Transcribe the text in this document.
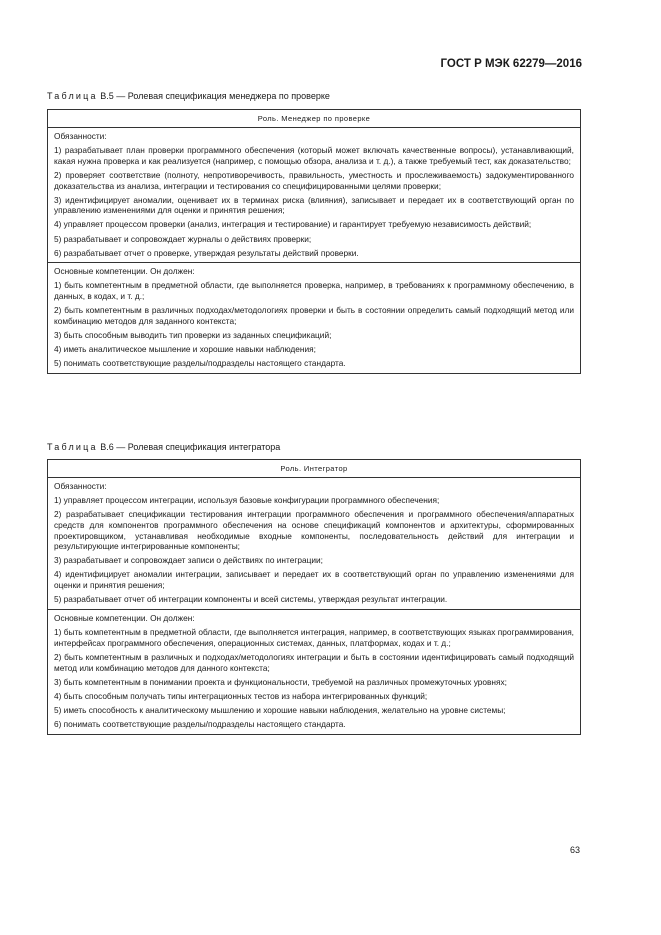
ГОСТ Р МЭК 62279—2016
Таблица В.5 — Ролевая спецификация менеджера по проверке
Роль. Менеджер по проверке
Обязанности:
1) разрабатывает план проверки программного обеспечения (который может включать качественные вопросы), устанавливающий, какая нужна проверка и как реализуется (например, с помощью обзора, анализа и т. д.), а также требуемый тест, как доказательство;
2) проверяет соответствие (полноту, непротиворечивость, правильность, уместность и прослеживаемость) задокументированного доказательства из анализа, интеграции и тестирования со специфицированными целями проверки;
3) идентифицирует аномалии, оценивает их в терминах риска (влияния), записывает и передает их в соответствующий орган по управлению изменениями для оценки и принятия решения;
4) управляет процессом проверки (анализ, интеграция и тестирование) и гарантирует требуемую независимость действий;
5) разрабатывает и сопровождает журналы о действиях проверки;
6) разрабатывает отчет о проверке, утверждая результаты действий проверки.
Основные компетенции. Он должен:
1) быть компетентным в предметной области, где выполняется проверка, например, в требованиях к программному обеспечению, в данных, в кодах, и т. д.;
2) быть компетентным в различных подходах/методологиях проверки и быть в состоянии определить самый подходящий метод или комбинацию методов для заданного контекста;
3) быть способным выводить тип проверки из заданных спецификаций;
4) иметь аналитическое мышление и хорошие навыки наблюдения;
5) понимать соответствующие разделы/подразделы настоящего стандарта.
Таблица В.6 — Ролевая спецификация интегратора
Роль. Интегратор
Обязанности:
1) управляет процессом интеграции, используя базовые конфигурации программного обеспечения;
2) разрабатывает спецификации тестирования интеграции программного обеспечения и программного обеспечения/аппаратных средств для компонентов программного обеспечения на основе спецификаций компонентов и архитектуры, сформированных проектировщиком, устанавливая необходимые входные компоненты, последовательность действий для интеграции и результирующие интегрированные компоненты;
3) разрабатывает и сопровождает записи о действиях по интеграции;
4) идентифицирует аномалии интеграции, записывает и передает их в соответствующий орган по управлению изменениями для оценки и принятия решения;
5) разрабатывает отчет об интеграции компоненты и всей системы, утверждая результат интеграции.
Основные компетенции. Он должен:
1) быть компетентным в предметной области, где выполняется интеграция, например, в соответствующих языках программирования, интерфейсах программного обеспечения, операционных системах, данных, платформах, кодах и т. д.;
2) быть компетентным в различных и подходах/методологиях интеграции и быть в состоянии идентифицировать самый подходящий метод или комбинацию методов для данного контекста;
3) быть компетентным в понимании проекта и функциональности, требуемой на различных промежуточных уровнях;
4) быть способным получать типы интеграционных тестов из набора интегрированных функций;
5) иметь способность к аналитическому мышлению и хорошие навыки наблюдения, желательно на уровне системы;
6) понимать соответствующие разделы/подразделы настоящего стандарта.
63
